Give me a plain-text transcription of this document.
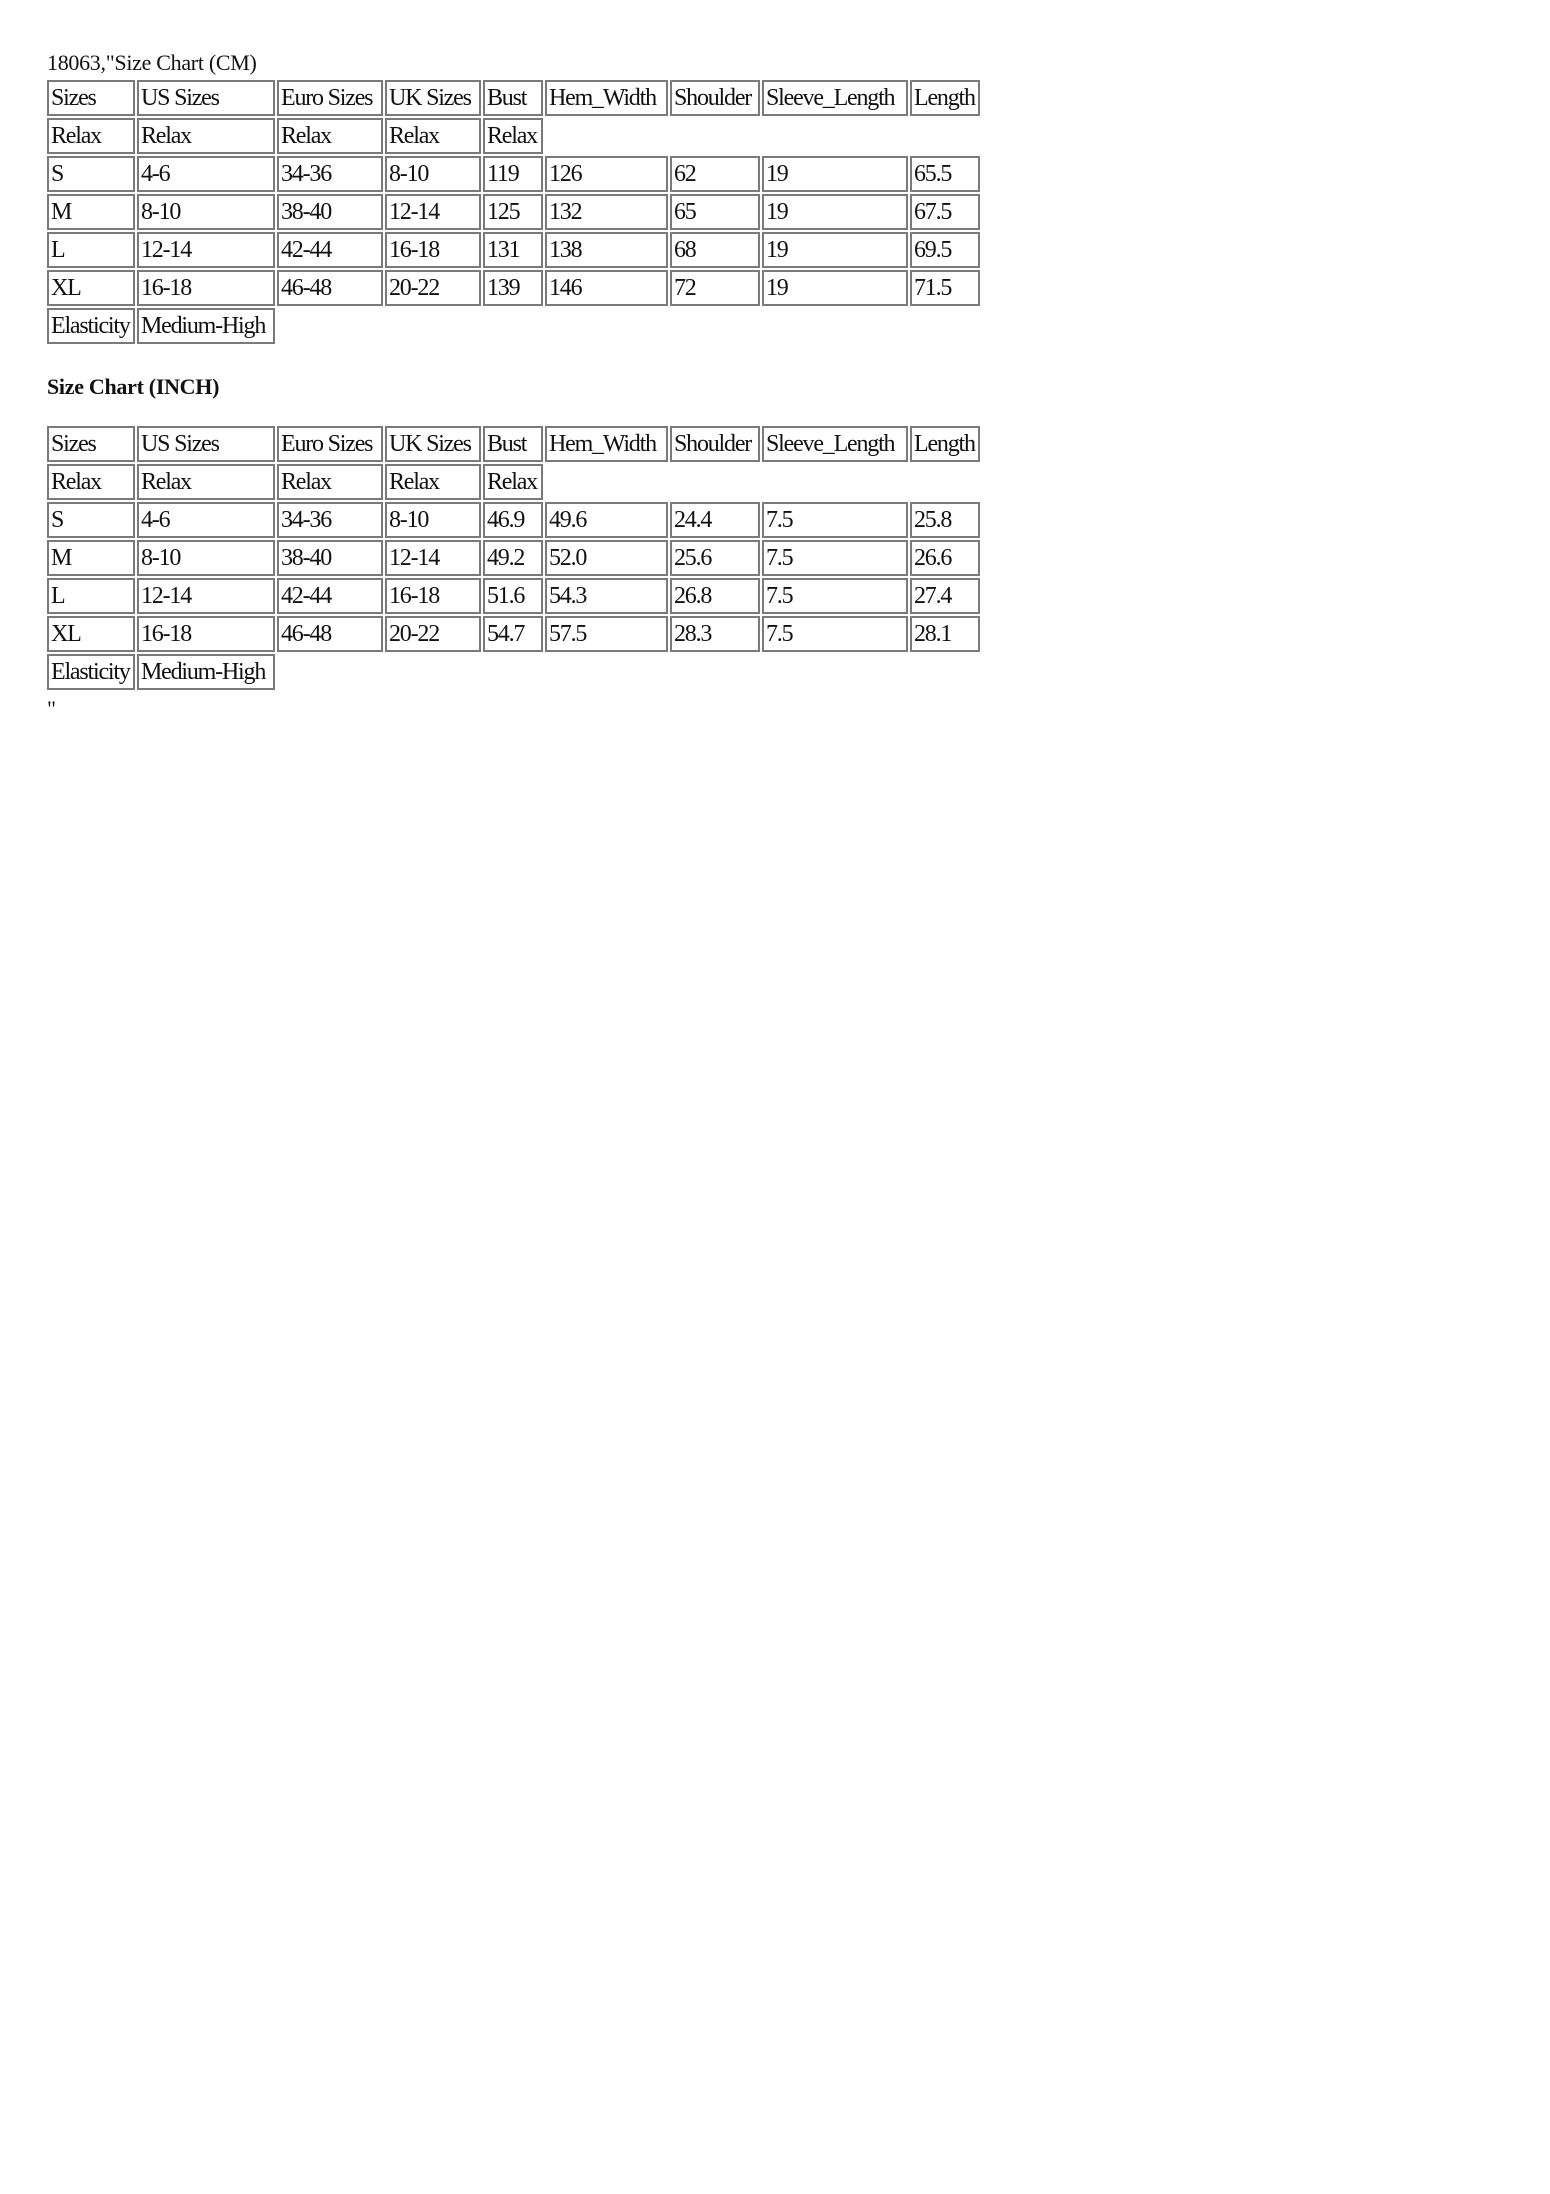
18063,"Size Chart (CM)
Sizes	US Sizes	Euro Sizes	UK Sizes	Bust	Hem_Width	Shoulder	Sleeve_Length	Length
Relax	Relax	Relax	Relax	Relax				
S	4-6	34-36	8-10	119	126	62	19	65.5
M	8-10	38-40	12-14	125	132	65	19	67.5
L	12-14	42-44	16-18	131	138	68	19	69.5
XL	16-18	46-48	20-22	139	146	72	19	71.5
Elasticity	Medium-High							
Size Chart (INCH)
Sizes	US Sizes	Euro Sizes	UK Sizes	Bust	Hem_Width	Shoulder	Sleeve_Length	Length
Relax	Relax	Relax	Relax	Relax				
S	4-6	34-36	8-10	46.9	49.6	24.4	7.5	25.8
M	8-10	38-40	12-14	49.2	52.0	25.6	7.5	26.6
L	12-14	42-44	16-18	51.6	54.3	26.8	7.5	27.4
XL	16-18	46-48	20-22	54.7	57.5	28.3	7.5	28.1
Elasticity	Medium-High							
"
